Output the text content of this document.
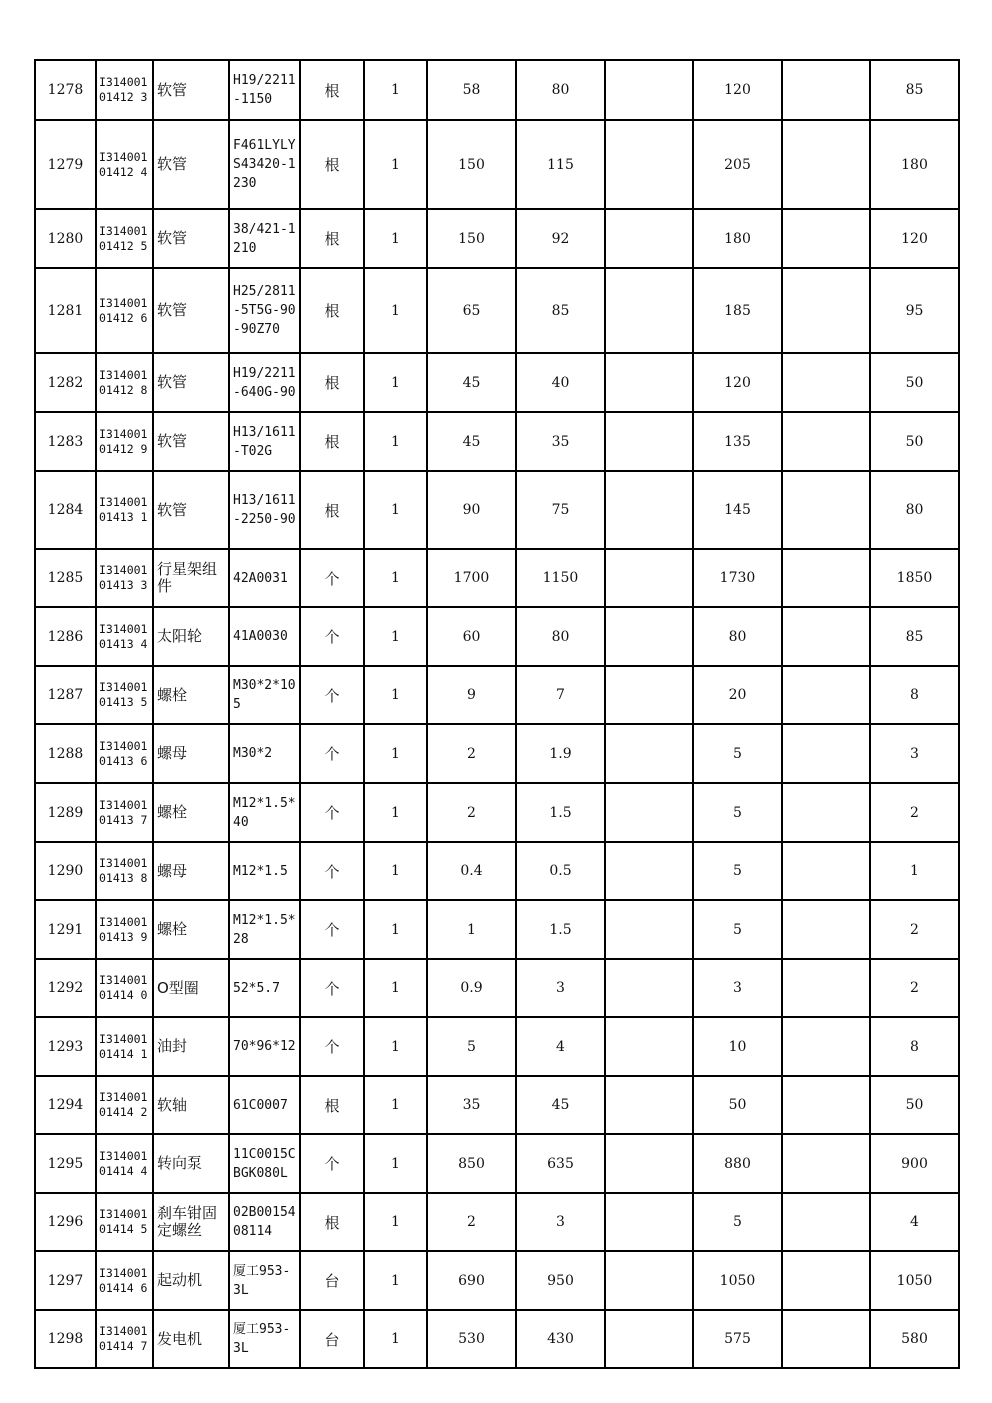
1278	I31400101412 3	软管	H19/2211-1150	根	1	58	80		120		85
1279	I31400101412 4	软管	F461LYLYS43420-1230	根	1	150	115		205		180
1280	I31400101412 5	软管	38/421-1210	根	1	150	92		180		120
1281	I31400101412 6	软管	H25/2811-5T5G-90-90Z70	根	1	65	85		185		95
1282	I31400101412 8	软管	H19/2211-640G-90	根	1	45	40		120		50
1283	I31400101412 9	软管	H13/1611-T02G	根	1	45	35		135		50
1284	I31400101413 1	软管	H13/1611-2250-90	根	1	90	75		145		80
1285	I31400101413 3	行星架组件	42A0031	个	1	1700	1150		1730		1850
1286	I31400101413 4	太阳轮	41A0030	个	1	60	80		80		85
1287	I31400101413 5	螺栓	M30*2*105	个	1	9	7		20		8
1288	I31400101413 6	螺母	M30*2	个	1	2	1.9		5		3
1289	I31400101413 7	螺栓	M12*1.5*40	个	1	2	1.5		5		2
1290	I31400101413 8	螺母	M12*1.5	个	1	0.4	0.5		5		1
1291	I31400101413 9	螺栓	M12*1.5*28	个	1	1	1.5		5		2
1292	I31400101414 0	O型圈	52*5.7	个	1	0.9	3		3		2
1293	I31400101414 1	油封	70*96*12	个	1	5	4		10		8
1294	I31400101414 2	软轴	61C0007	根	1	35	45		50		50
1295	I31400101414 4	转向泵	11C0015CBGK080L	个	1	850	635		880		900
1296	I31400101414 5	刹车钳固定螺丝	02B0015408114	根	1	2	3		5		4
1297	I31400101414 6	起动机	厦工953-3L	台	1	690	950		1050		1050
1298	I31400101414 7	发电机	厦工953-3L	台	1	530	430		575		580
